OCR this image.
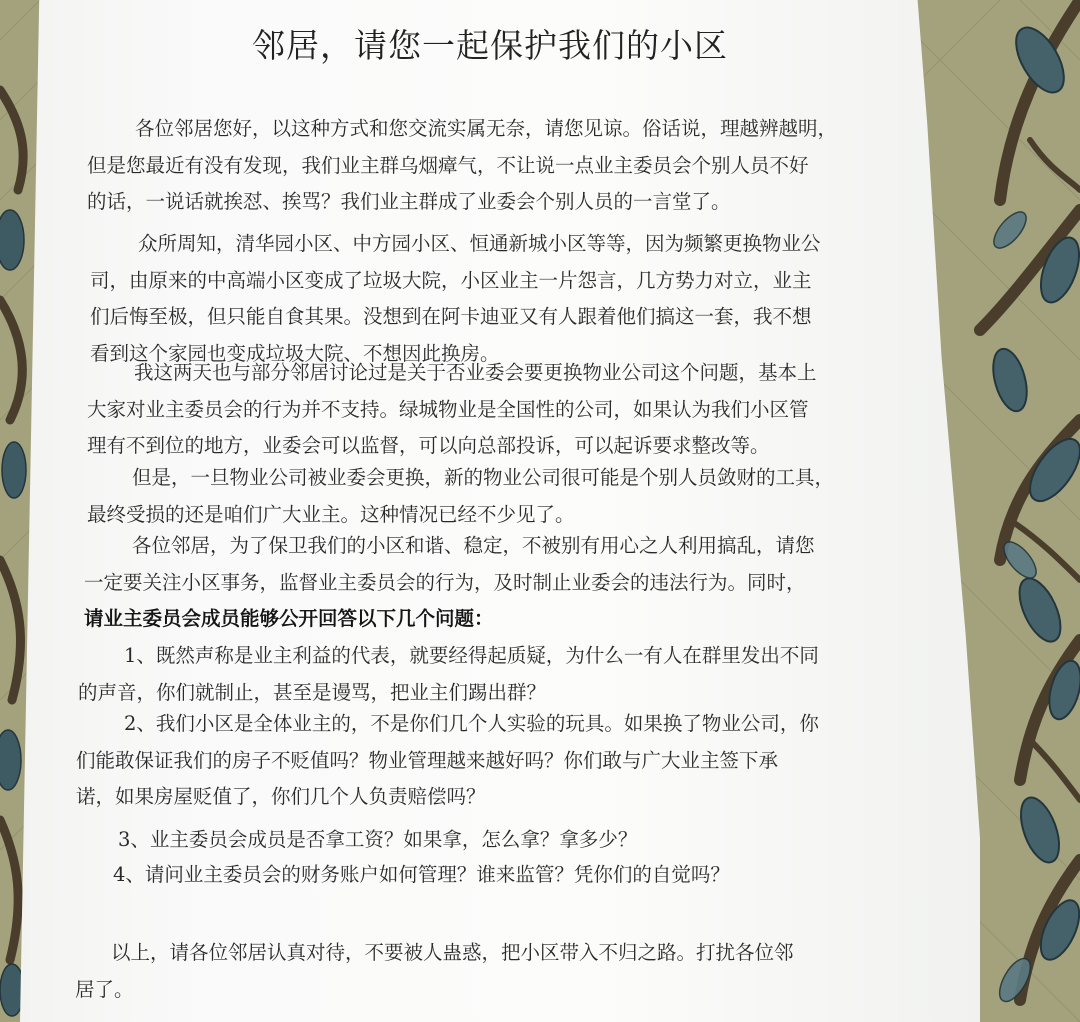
邻居，请您一起保护我们的小区

各位邻居您好，以这种方式和您交流实属无奈，请您见谅。俗话说，理越辨越明，
但是您最近有没有发现，我们业主群乌烟瘴气，不让说一点业主委员会个别人员不好
的话，一说话就挨怼、挨骂？我们业主群成了业委会个别人员的一言堂了。

众所周知，清华园小区、中方园小区、恒通新城小区等等，因为频繁更换物业公
司，由原来的中高端小区变成了垃圾大院，小区业主一片怨言，几方势力对立，业主
们后悔至极，但只能自食其果。没想到在阿卡迪亚又有人跟着他们搞这一套，我不想
看到这个家园也变成垃圾大院、不想因此换房。

我这两天也与部分邻居讨论过是关于否业委会要更换物业公司这个问题，基本上
大家对业主委员会的行为并不支持。绿城物业是全国性的公司，如果认为我们小区管
理有不到位的地方，业委会可以监督，可以向总部投诉，可以起诉要求整改等。

但是，一旦物业公司被业委会更换，新的物业公司很可能是个别人员敛财的工具，
最终受损的还是咱们广大业主。这种情况已经不少见了。

各位邻居，为了保卫我们的小区和谐、稳定，不被别有用心之人利用搞乱，请您
一定要关注小区事务，监督业主委员会的行为，及时制止业委会的违法行为。同时，

请业主委员会成员能够公开回答以下几个问题：

1、既然声称是业主利益的代表，就要经得起质疑，为什么一有人在群里发出不同
的声音，你们就制止，甚至是谩骂，把业主们踢出群？

2、我们小区是全体业主的，不是你们几个人实验的玩具。如果换了物业公司，你
们能敢保证我们的房子不贬值吗？物业管理越来越好吗？你们敢与广大业主签下承
诺，如果房屋贬值了，你们几个人负责赔偿吗？

3、业主委员会成员是否拿工资？如果拿，怎么拿？拿多少？

4、请问业主委员会的财务账户如何管理？谁来监管？凭你们的自觉吗？

以上，请各位邻居认真对待，不要被人蛊惑，把小区带入不归之路。打扰各位邻
居了。
